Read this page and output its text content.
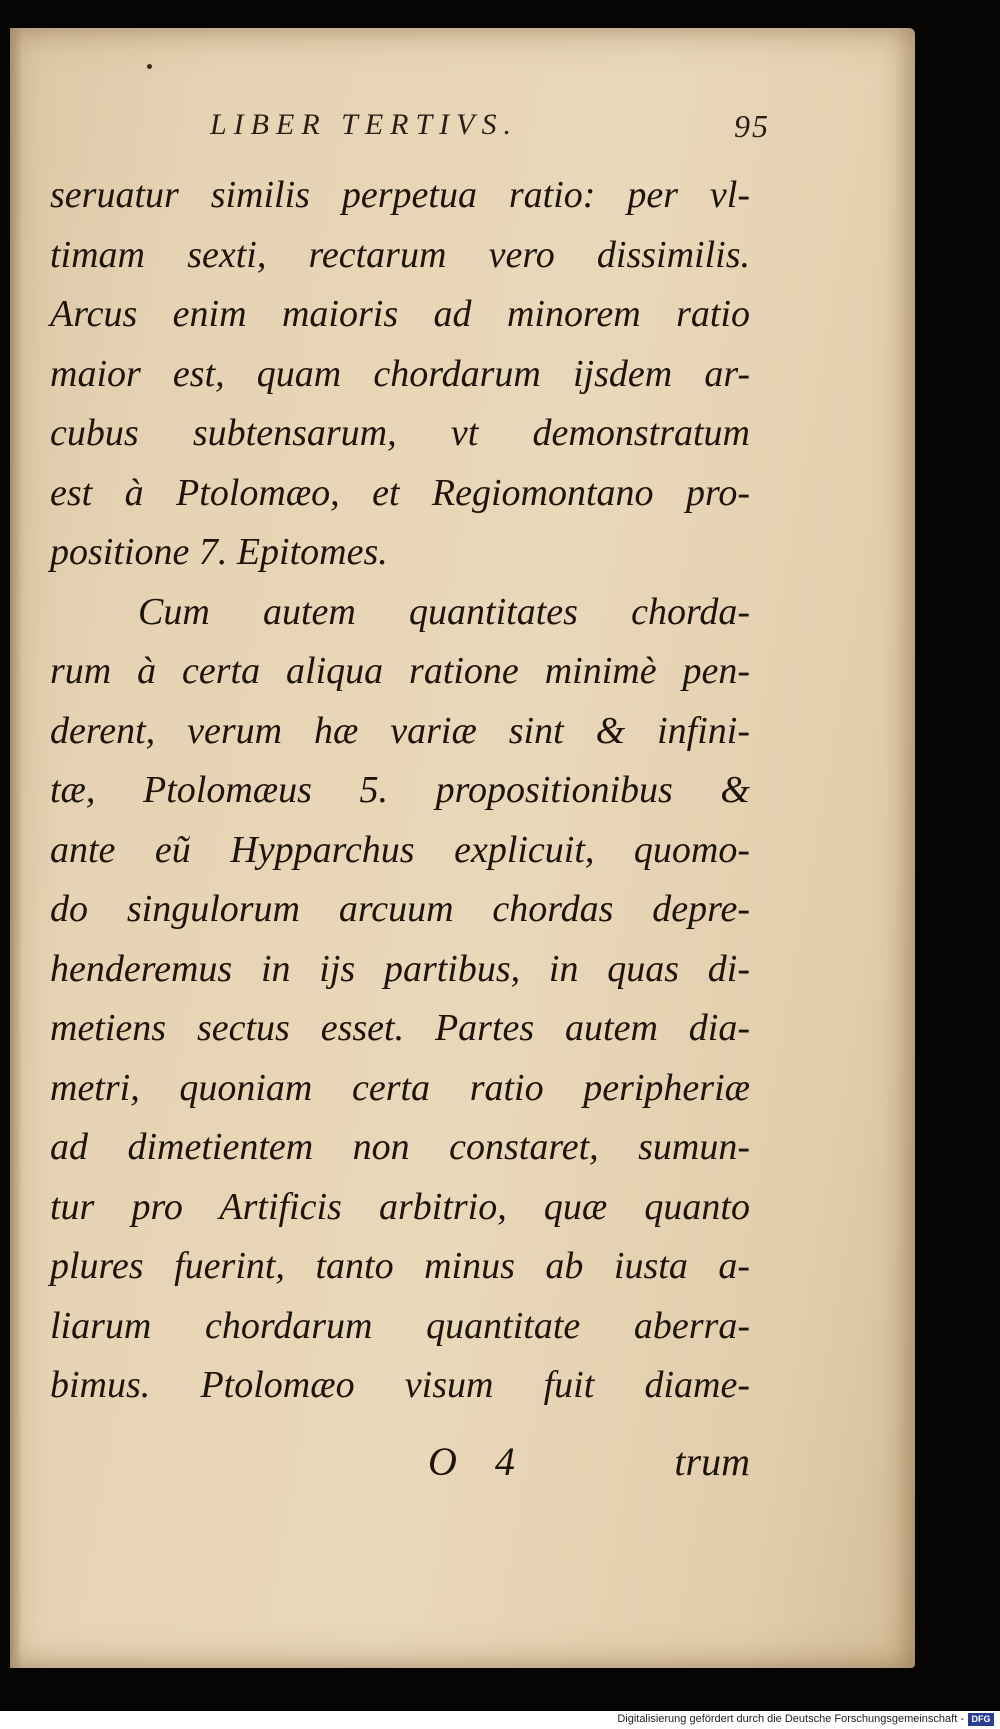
LIBER TERTIVS.	95
seruatur similis perpetua ratio: per vl-
timam sexti, rectarum vero dissimilis.
Arcus enim maioris ad minorem ratio
maior est, quam chordarum ijsdem ar-
cubus subtensarum, vt demonstratum
est à Ptolomæo, et Regiomontano pro-
positione 7. Epitomes.
Cum autem quantitates chorda-
rum à certa aliqua ratione minimè pen-
derent, verum hæ variæ sint & infini-
tæ, Ptolomæus 5. propositionibus &
ante eũ Hypparchus explicuit, quomo-
do singulorum arcuum chordas depre-
henderemus in ijs partibus, in quas di-
metiens sectus esset. Partes autem dia-
metri, quoniam certa ratio peripheriæ
ad dimetientem non constaret, sumun-
tur pro Artificis arbitrio, quæ quanto
plures fuerint, tanto minus ab iusta a-
liarum chordarum quantitate aberra-
bimus. Ptolomæo visum fuit diame-
O 4	trum
Digitalisierung gefördert durch die Deutsche Forschungsgemeinschaft - DFG
